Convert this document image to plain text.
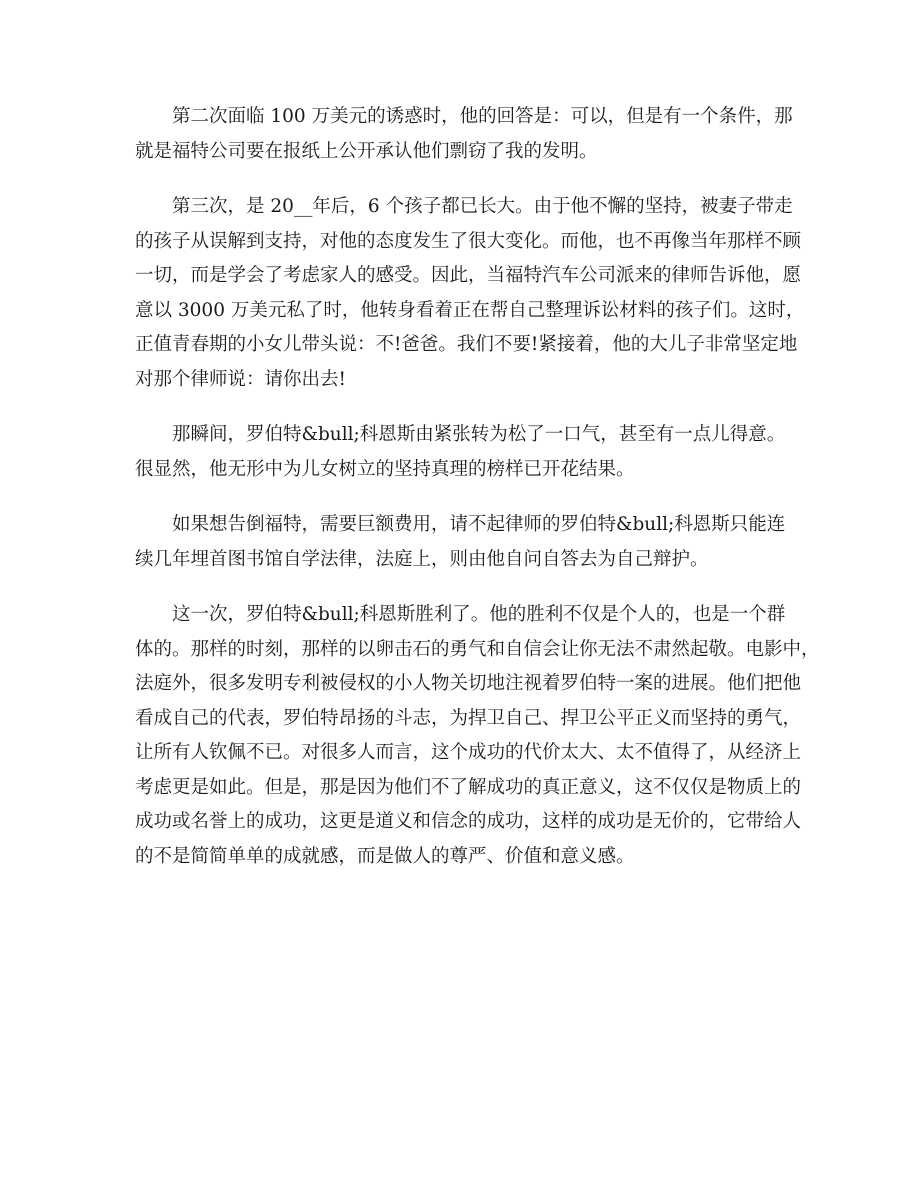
第二次面临 100 万美元的诱惑时，他的回答是：可以，但是有一个条件，那
就是福特公司要在报纸上公开承认他们剽窃了我的发明。
第三次，是 20__年后，6 个孩子都已长大。由于他不懈的坚持，被妻子带走
的孩子从误解到支持，对他的态度发生了很大变化。而他，也不再像当年那样不顾
一切，而是学会了考虑家人的感受。因此，当福特汽车公司派来的律师告诉他，愿
意以 3000 万美元私了时，他转身看着正在帮自己整理诉讼材料的孩子们。这时，
正值青春期的小女儿带头说：不!爸爸。我们不要!紧接着，他的大儿子非常坚定地
对那个律师说：请你出去!
那瞬间，罗伯特&bull;科恩斯由紧张转为松了一口气，甚至有一点儿得意。
很显然，他无形中为儿女树立的坚持真理的榜样已开花结果。
如果想告倒福特，需要巨额费用，请不起律师的罗伯特&bull;科恩斯只能连
续几年埋首图书馆自学法律，法庭上，则由他自问自答去为自己辩护。
这一次，罗伯特&bull;科恩斯胜利了。他的胜利不仅是个人的，也是一个群
体的。那样的时刻，那样的以卵击石的勇气和自信会让你无法不肃然起敬。电影中，
法庭外，很多发明专利被侵权的小人物关切地注视着罗伯特一案的进展。他们把他
看成自己的代表，罗伯特昂扬的斗志，为捍卫自己、捍卫公平正义而坚持的勇气，
让所有人钦佩不已。对很多人而言，这个成功的代价太大、太不值得了，从经济上
考虑更是如此。但是，那是因为他们不了解成功的真正意义，这不仅仅是物质上的
成功或名誉上的成功，这更是道义和信念的成功，这样的成功是无价的，它带给人
的不是简简单单的成就感，而是做人的尊严、价值和意义感。
